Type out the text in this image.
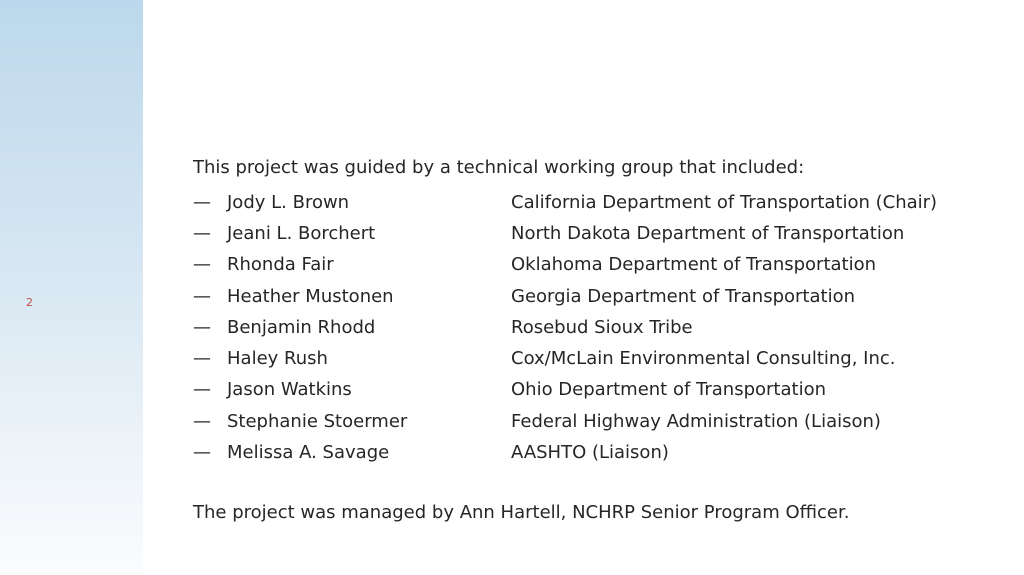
2
This project was guided by a technical working group that included:
— Jody L. Brown	California Department of Transportation (Chair)
— Jeani L. Borchert	North Dakota Department of Transportation
— Rhonda Fair	Oklahoma Department of Transportation
— Heather Mustonen	Georgia Department of Transportation
— Benjamin Rhodd	Rosebud Sioux Tribe
— Haley Rush	Cox/McLain Environmental Consulting, Inc.
— Jason Watkins	Ohio Department of Transportation
— Stephanie Stoermer	Federal Highway Administration (Liaison)
— Melissa A. Savage	AASHTO (Liaison)
The project was managed by Ann Hartell, NCHRP Senior Program Officer.
